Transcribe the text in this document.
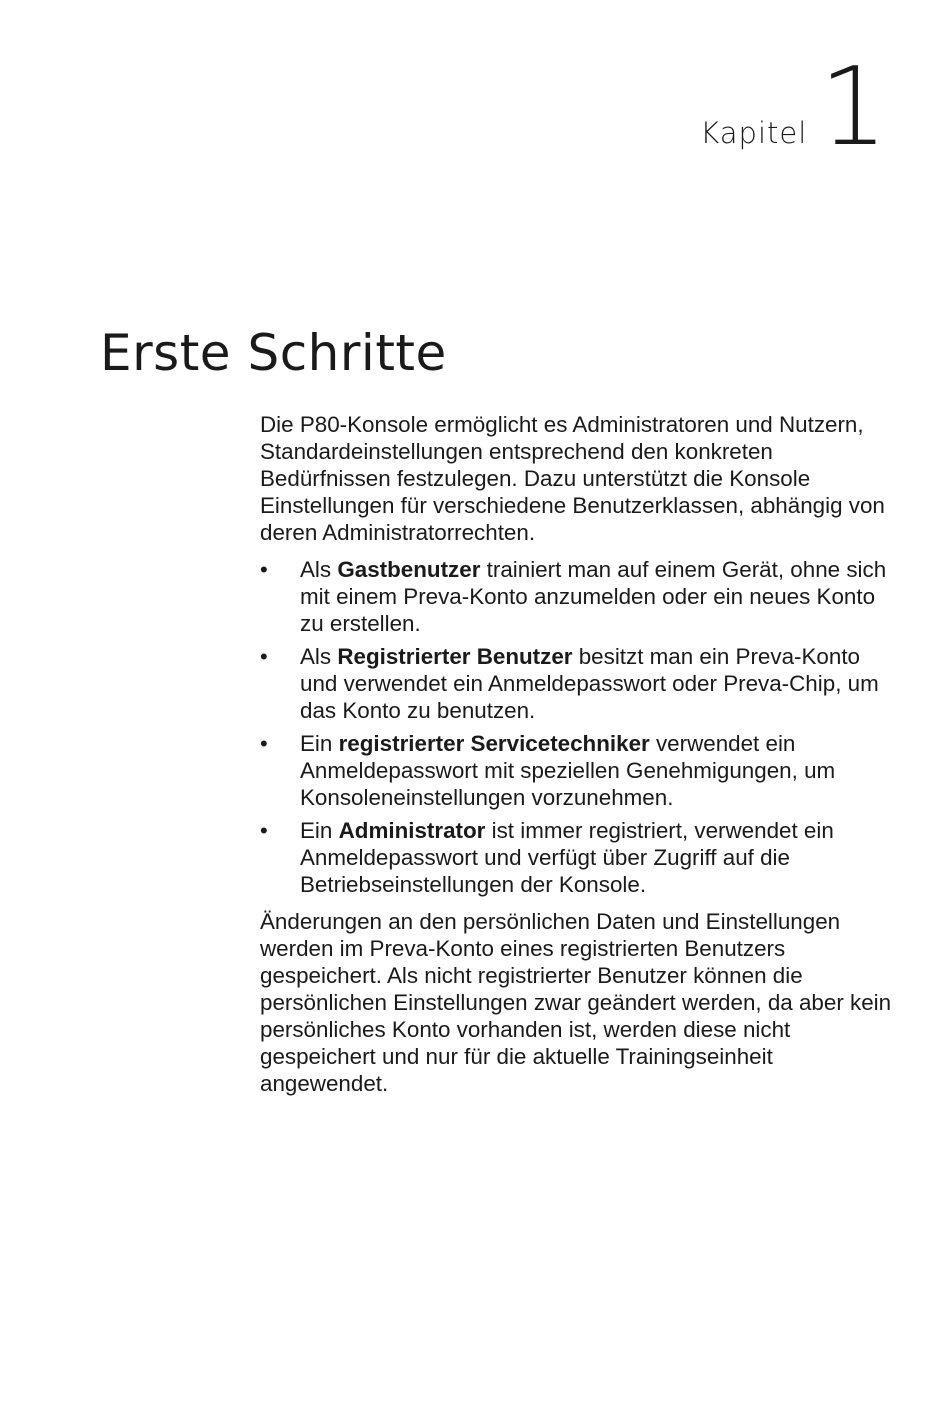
Kapitel 1
Erste Schritte

Die P80-Konsole ermöglicht es Administratoren und Nutzern, Standardeinstellungen entsprechend den konkreten Bedürfnissen festzulegen. Dazu unterstützt die Konsole Einstellungen für verschiedene Benutzerklassen, abhängig von deren Administratorrechten.

• Als Gastbenutzer trainiert man auf einem Gerät, ohne sich mit einem Preva-Konto anzumelden oder ein neues Konto zu erstellen.
• Als Registrierter Benutzer besitzt man ein Preva-Konto und verwendet ein Anmeldepasswort oder Preva-Chip, um das Konto zu benutzen.
• Ein registrierter Servicetechniker verwendet ein Anmeldepasswort mit speziellen Genehmigungen, um Konsoleneinstellungen vorzunehmen.
• Ein Administrator ist immer registriert, verwendet ein Anmeldepasswort und verfügt über Zugriff auf die Betriebseinstellungen der Konsole.

Änderungen an den persönlichen Daten und Einstellungen werden im Preva-Konto eines registrierten Benutzers gespeichert. Als nicht registrierter Benutzer können die persönlichen Einstellungen zwar geändert werden, da aber kein persönliches Konto vorhanden ist, werden diese nicht gespeichert und nur für die aktuelle Trainingseinheit angewendet.
